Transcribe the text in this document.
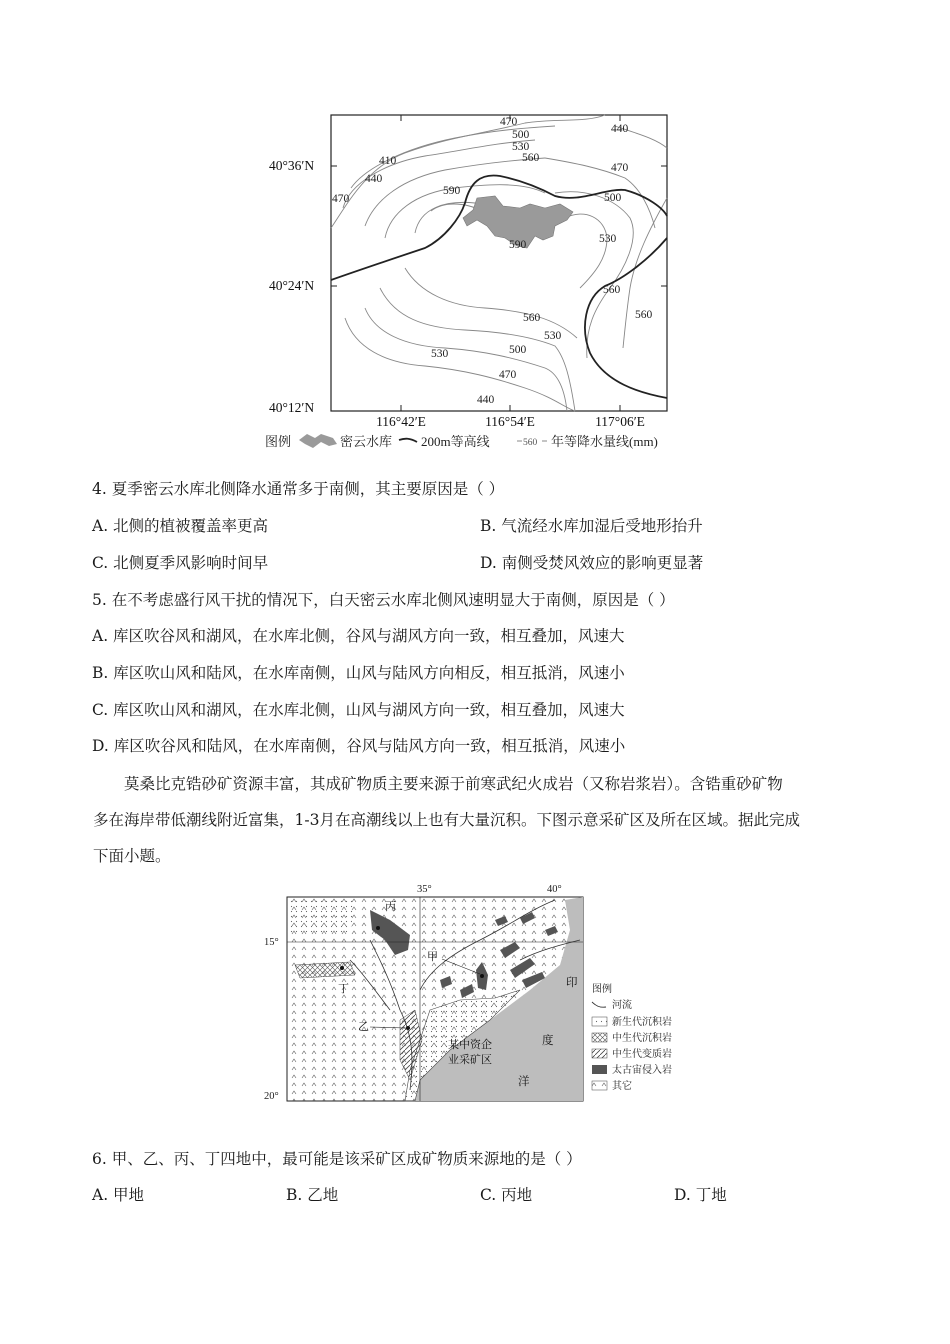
470
500
530
560
440
410
440
470
470
590
590
500
530
560
560
560
530
530	500
470
440
40°36′N
40°24′N
40°12′N
116°42′E	116°54′E	117°06′E
图例	密云水库 200m等高线	560 年等降水量线(mm)
4. 夏季密云水库北侧降水通常多于南侧，其主要原因是（ ）
A. 北侧的植被覆盖率更高	B. 气流经水库加湿后受地形抬升
C. 北侧夏季风影响时间早	D. 南侧受焚风效应的影响更显著
5. 在不考虑盛行风干扰的情况下，白天密云水库北侧风速明显大于南侧，原因是（ ）
A. 库区吹谷风和湖风，在水库北侧，谷风与湖风方向一致，相互叠加，风速大
B. 库区吹山风和陆风，在水库南侧，山风与陆风方向相反，相互抵消，风速小
C. 库区吹山风和湖风，在水库北侧，山风与湖风方向一致，相互叠加，风速大
D. 库区吹谷风和陆风，在水库南侧，谷风与陆风方向一致，相互抵消，风速小
莫桑比克锆砂矿资源丰富，其成矿物质主要来源于前寒武纪火成岩（又称岩浆岩）。含锆重砂矿物
多在海岸带低潮线附近富集，1-3月在高潮线以上也有大量沉积。下图示意采矿区及所在区域。据此完成
下面小题。
35°	40°
15°
20°
丙
甲
丁
乙
某中资企
业采矿区
印
度
洋
图例
河流
新生代沉积岩
中生代沉积岩
中生代变质岩
太古宙侵入岩
其它
6. 甲、乙、丙、丁四地中，最可能是该采矿区成矿物质来源地的是（ ）
A. 甲地	B. 乙地	C. 丙地	D. 丁地
